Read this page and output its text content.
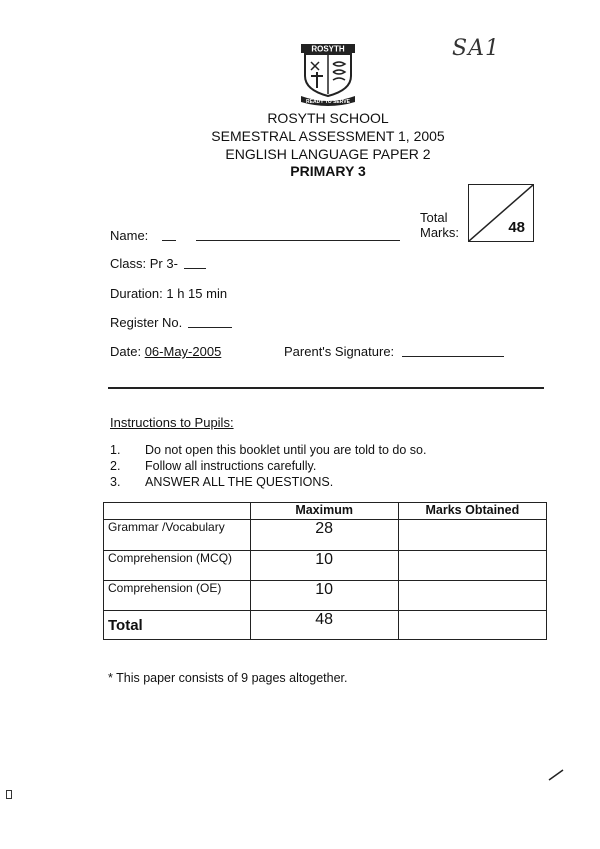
ROSYTH
READY TO SERVE
SA1
ROSYTH SCHOOL
SEMESTRAL ASSESSMENT 1, 2005
ENGLISH LANGUAGE PAPER 2
PRIMARY 3
Total
Marks:	48
Name:
Class: Pr 3-
Duration: 1 h 15 min
Register No.
Date: 06-May-2005	Parent's Signature:
Instructions to Pupils:
1. Do not open this booklet until you are told to do so.
2. Follow all instructions carefully.
3. ANSWER ALL THE QUESTIONS.
	Maximum	Marks Obtained
Grammar /Vocabulary	28	
Comprehension (MCQ)	10	
Comprehension (OE)	10	
Total	48	
* This paper consists of 9 pages altogether.
